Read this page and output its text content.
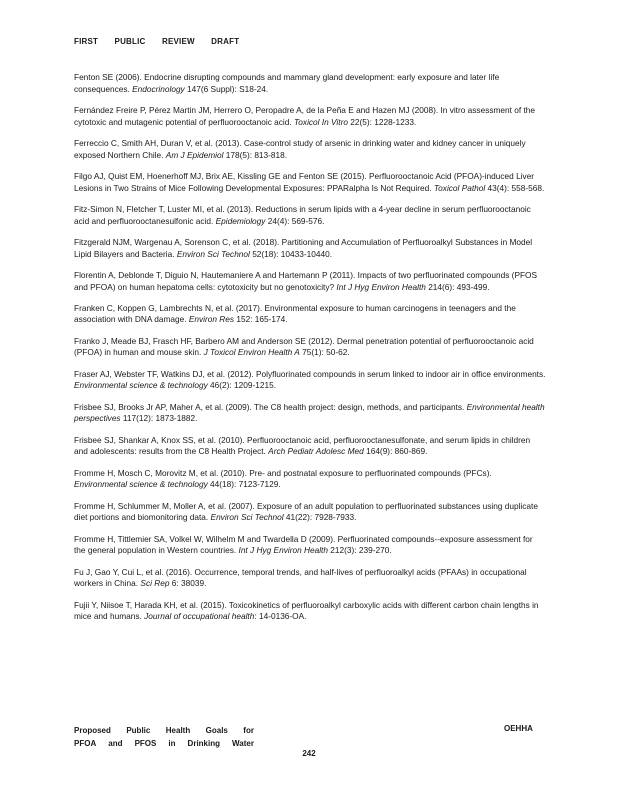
FIRST PUBLIC REVIEW DRAFT

Fenton SE (2006). Endocrine disrupting compounds and mammary gland development: early exposure and later life consequences. Endocrinology 147(6 Suppl): S18-24.

Fernández Freire P, Pérez Martin JM, Herrero O, Peropadre A, de la Peña E and Hazen MJ (2008). In vitro assessment of the cytotoxic and mutagenic potential of perfluorooctanoic acid. Toxicol In Vitro 22(5): 1228-1233.

Ferreccio C, Smith AH, Duran V, et al. (2013). Case-control study of arsenic in drinking water and kidney cancer in uniquely exposed Northern Chile. Am J Epidemiol 178(5): 813-818.

Filgo AJ, Quist EM, Hoenerhoff MJ, Brix AE, Kissling GE and Fenton SE (2015). Perfluorooctanoic Acid (PFOA)-induced Liver Lesions in Two Strains of Mice Following Developmental Exposures: PPARalpha Is Not Required. Toxicol Pathol 43(4): 558-568.

Fitz-Simon N, Fletcher T, Luster MI, et al. (2013). Reductions in serum lipids with a 4-year decline in serum perfluorooctanoic acid and perfluorooctanesulfonic acid. Epidemiology 24(4): 569-576.

Fitzgerald NJM, Wargenau A, Sorenson C, et al. (2018). Partitioning and Accumulation of Perfluoroalkyl Substances in Model Lipid Bilayers and Bacteria. Environ Sci Technol 52(18): 10433-10440.

Florentin A, Deblonde T, Diguio N, Hautemaniere A and Hartemann P (2011). Impacts of two perfluorinated compounds (PFOS and PFOA) on human hepatoma cells: cytotoxicity but no genotoxicity? Int J Hyg Environ Health 214(6): 493-499.

Franken C, Koppen G, Lambrechts N, et al. (2017). Environmental exposure to human carcinogens in teenagers and the association with DNA damage. Environ Res 152: 165-174.

Franko J, Meade BJ, Frasch HF, Barbero AM and Anderson SE (2012). Dermal penetration potential of perfluorooctanoic acid (PFOA) in human and mouse skin. J Toxicol Environ Health A 75(1): 50-62.

Fraser AJ, Webster TF, Watkins DJ, et al. (2012). Polyfluorinated compounds in serum linked to indoor air in office environments. Environmental science & technology 46(2): 1209-1215.

Frisbee SJ, Brooks Jr AP, Maher A, et al. (2009). The C8 health project: design, methods, and participants. Environmental health perspectives 117(12): 1873-1882.

Frisbee SJ, Shankar A, Knox SS, et al. (2010). Perfluorooctanoic acid, perfluorooctanesulfonate, and serum lipids in children and adolescents: results from the C8 Health Project. Arch Pediatr Adolesc Med 164(9): 860-869.

Fromme H, Mosch C, Morovitz M, et al. (2010). Pre- and postnatal exposure to perfluorinated compounds (PFCs). Environmental science & technology 44(18): 7123-7129.

Fromme H, Schlummer M, Moller A, et al. (2007). Exposure of an adult population to perfluorinated substances using duplicate diet portions and biomonitoring data. Environ Sci Technol 41(22): 7928-7933.

Fromme H, Tittlemier SA, Volkel W, Wilhelm M and Twardella D (2009). Perfluorinated compounds--exposure assessment for the general population in Western countries. Int J Hyg Environ Health 212(3): 239-270.

Fu J, Gao Y, Cui L, et al. (2016). Occurrence, temporal trends, and half-lives of perfluoroalkyl acids (PFAAs) in occupational workers in China. Sci Rep 6: 38039.

Fujii Y, Niisoe T, Harada KH, et al. (2015). Toxicokinetics of perfluoroalkyl carboxylic acids with different carbon chain lengths in mice and humans. Journal of occupational health: 14-0136-OA.

Proposed Public Health Goals for
PFOA and PFOS in Drinking Water
OEHHA
242
